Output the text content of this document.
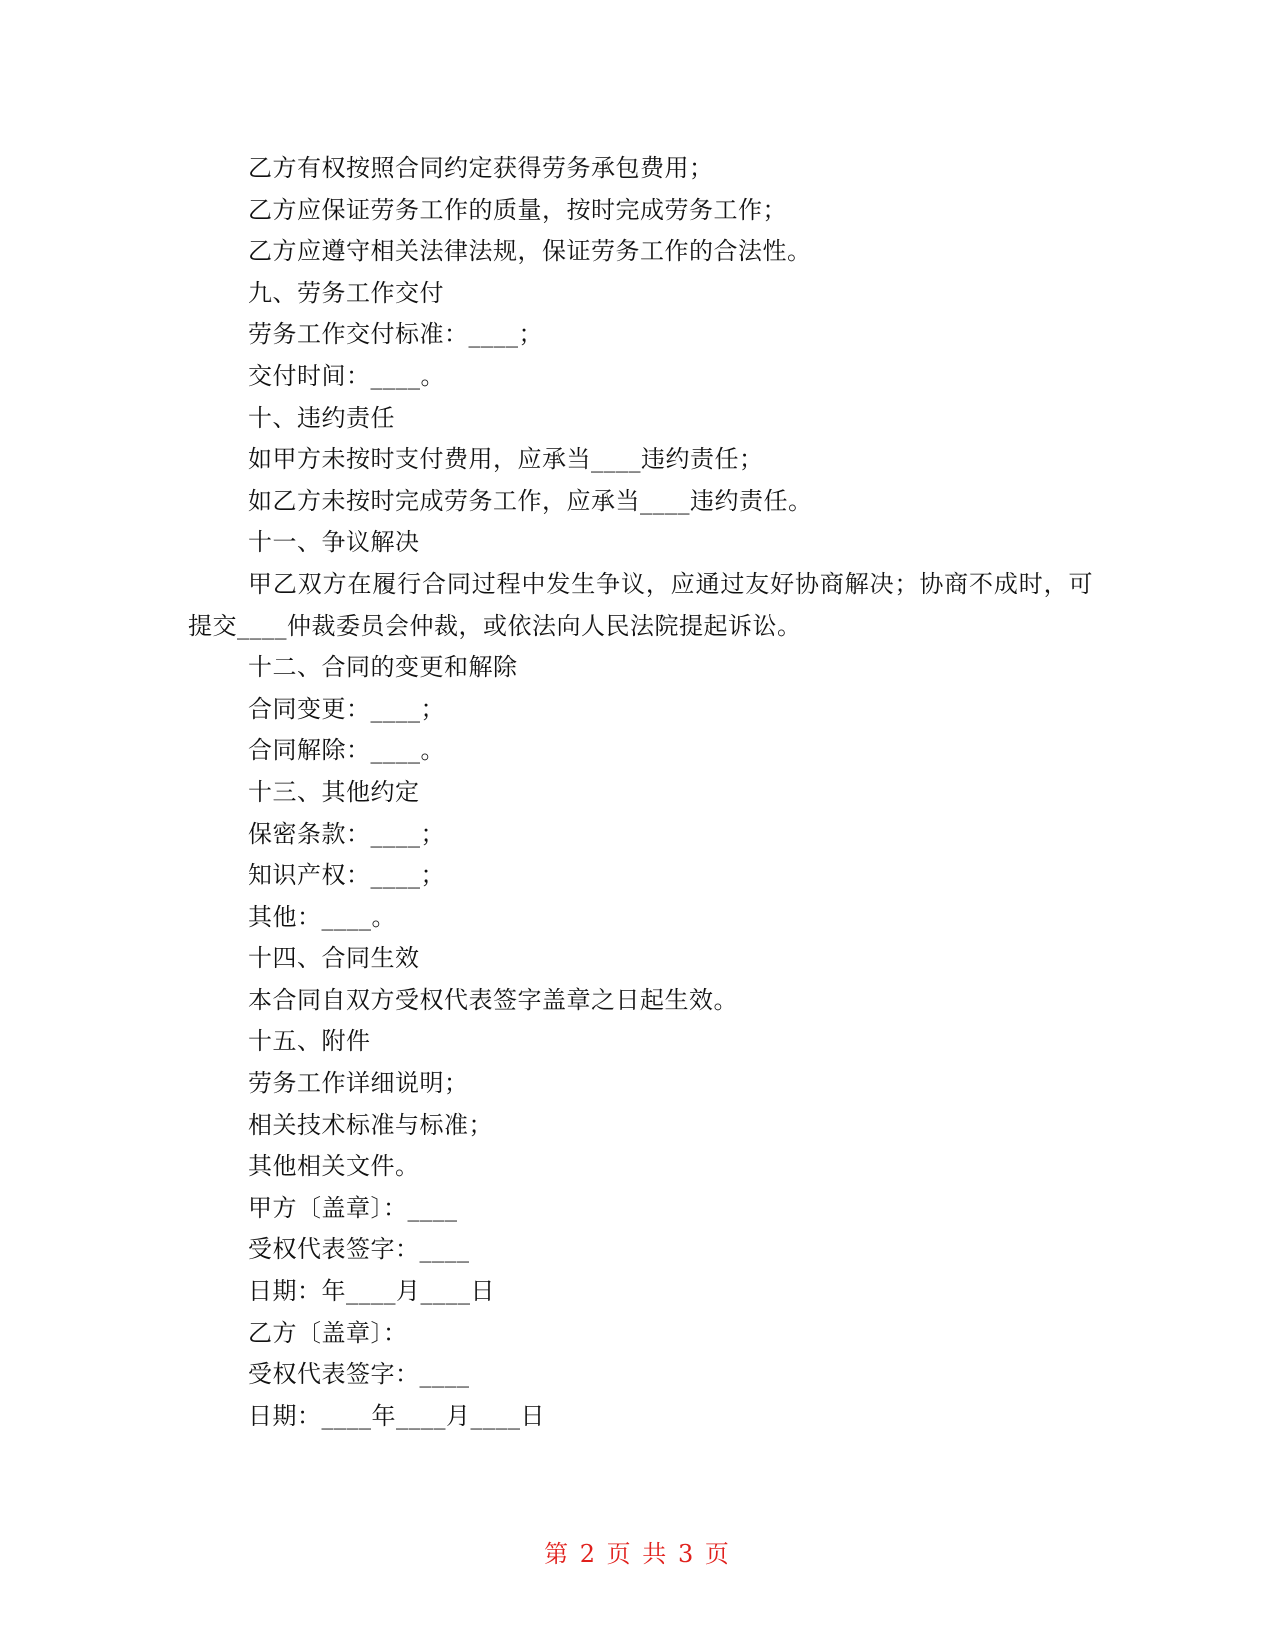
乙方有权按照合同约定获得劳务承包费用；
乙方应保证劳务工作的质量，按时完成劳务工作；
乙方应遵守相关法律法规，保证劳务工作的合法性。
九、劳务工作交付
劳务工作交付标准：____；
交付时间：____。
十、违约责任
如甲方未按时支付费用，应承当____违约责任；
如乙方未按时完成劳务工作，应承当____违约责任。
十一、争议解决
甲乙双方在履行合同过程中发生争议，应通过友好协商解决；协商不成时，可提交____仲裁委员会仲裁，或依法向人民法院提起诉讼。
十二、合同的变更和解除
合同变更：____；
合同解除：____。
十三、其他约定
保密条款：____；
知识产权：____；
其他：____。
十四、合同生效
本合同自双方受权代表签字盖章之日起生效。
十五、附件
劳务工作详细说明；
相关技术标准与标准；
其他相关文件。
甲方〔盖章〕：____
受权代表签字：____
日期：年____月____日
乙方〔盖章〕：
受权代表签字：____
日期：____年____月____日
第 2 页 共 3 页
